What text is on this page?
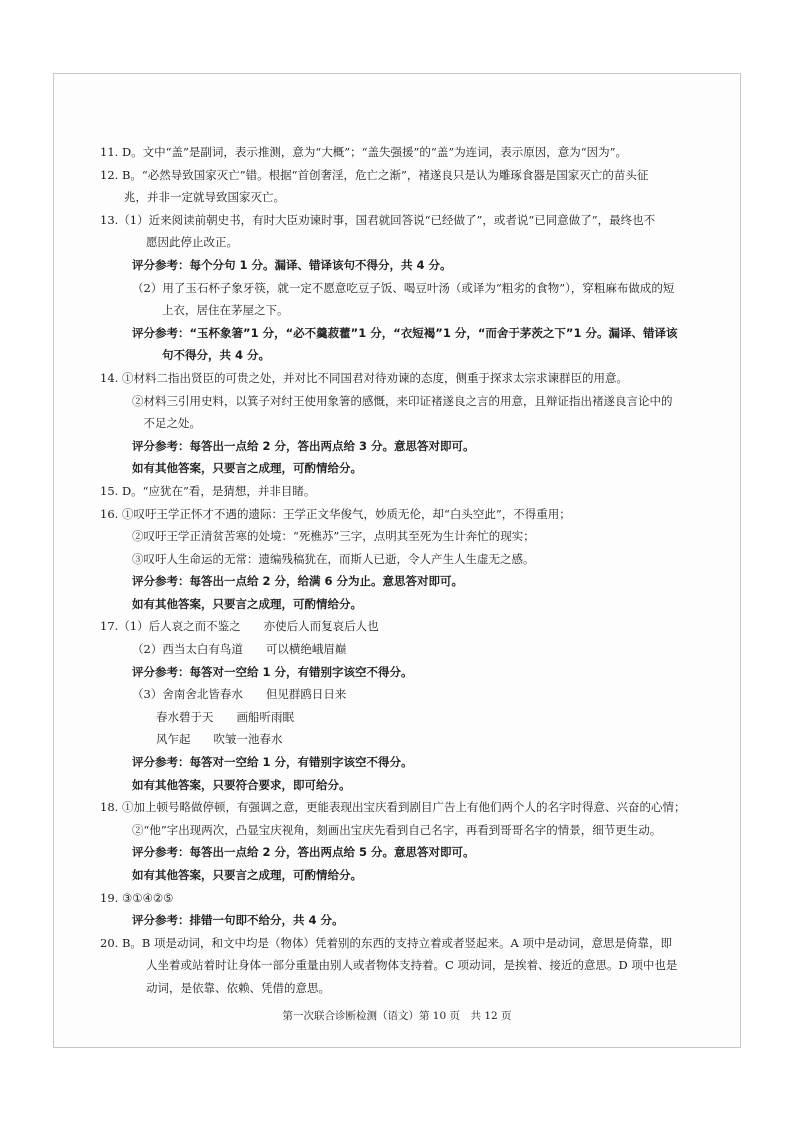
11. D。文中“盖”是副词，表示推测，意为“大概”；“盖失强援”的“盖”为连词，表示原因，意为“因为”。
12. B。“必然导致国家灭亡”错。根据“首创奢淫，危亡之渐”，褚遂良只是认为雕琢食器是国家灭亡的苗头征
兆，并非一定就导致国家灭亡。
13.（1）近来阅读前朝史书，有时大臣劝谏时事，国君就回答说“已经做了”，或者说“已同意做了”，最终也不
愿因此停止改正。
评分参考：每个分句 1 分。漏译、错译该句不得分，共 4 分。
（2）用了玉石杯子象牙筷，就一定不愿意吃豆子饭、喝豆叶汤（或译为“粗劣的食物”），穿粗麻布做成的短
上衣，居住在茅屋之下。
评分参考：“玉杯象箸”1 分，“必不羹菽藿”1 分，“衣短褐”1 分，“而舍于茅茨之下”1 分。漏译、错译该
句不得分，共 4 分。
14. ①材料二指出贤臣的可贵之处，并对比不同国君对待劝谏的态度，侧重于探求太宗求谏群臣的用意。
②材料三引用史料，以箕子对纣王使用象箸的感慨，来印证褚遂良之言的用意，且辩证指出褚遂良言论中的
　不足之处。
评分参考：每答出一点给 2 分，答出两点给 3 分。意思答对即可。
如有其他答案，只要言之成理，可酌情给分。
15. D。“应犹在”看，是猜想，并非目睹。
16. ①叹吁王学正怀才不遇的遗际：王学正文华俊气，妙质无伦，却“白头空此”，不得重用；
②叹吁王学正清贫苦寒的处境：“死樵苏”三字，点明其至死为生计奔忙的现实；
③叹吁人生命运的无常：遗编残稿犹在，而斯人已逝，令人产生人生虚无之感。
评分参考：每答出一点给 2 分，给满 6 分为止。意思答对即可。
如有其他答案，只要言之成理，可酌情给分。
17.（1）后人哀之而不鉴之　　亦使后人而复哀后人也
（2）西当太白有鸟道　　可以横绝峨眉巅
评分参考：每答对一空给 1 分，有错别字该空不得分。
（3）舍南舍北皆春水　　但见群鸥日日来
春水碧于天　　画船听雨眠
风乍起　　吹皱一池春水
评分参考：每答对一空给 1 分，有错别字该空不得分。
如有其他答案，只要符合要求，即可给分。
18. ①加上顿号略做停顿，有强调之意，更能表现出宝庆看到剧目广告上有他们两个人的名字时得意、兴奋的心情；
②“他”字出现两次，凸显宝庆视角，刻画出宝庆先看到自己名字，再看到哥哥名字的情景，细节更生动。
评分参考：每答出一点给 2 分，答出两点给 5 分。意思答对即可。
如有其他答案，只要言之成理，可酌情给分。
19. ③①④②⑤
评分参考：排错一句即不给分，共 4 分。
20. B。B 项是动词，和文中均是（物体）凭着别的东西的支持立着或者竖起来。A 项中是动词，意思是倚靠，即
人坐着或站着时让身体一部分重量由别人或者物体支持着。C 项动词，是挨着、接近的意思。D 项中也是
动词，是依靠、依赖、凭借的意思。
第一次联合诊断检测（语文）第 10 页　共 12 页
